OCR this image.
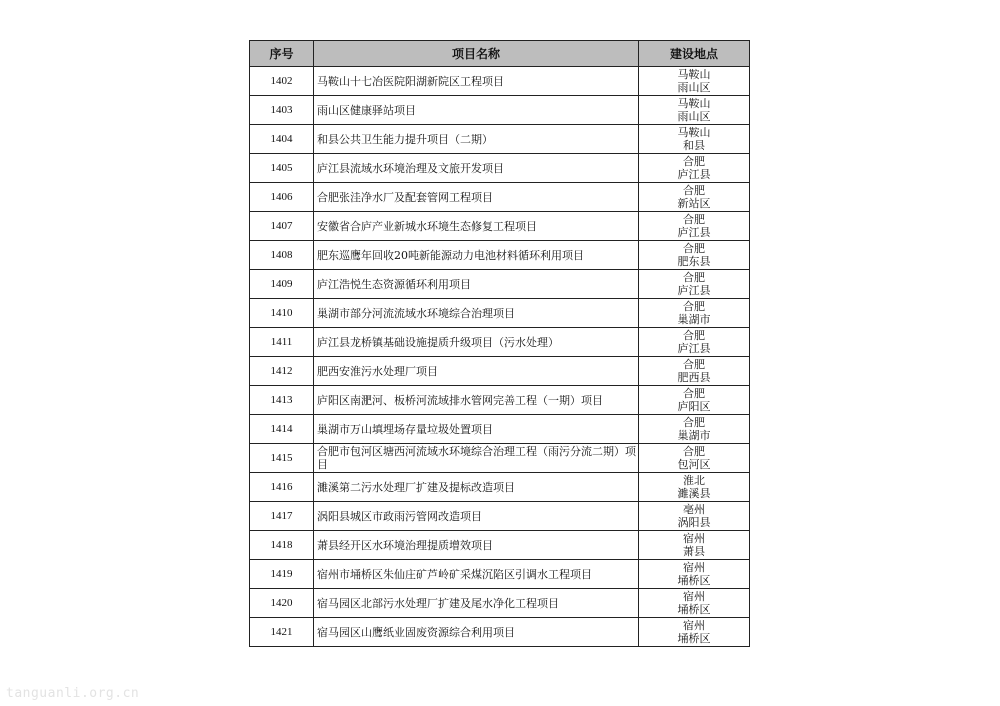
序号	项目名称	建设地点
1402	马鞍山十七冶医院阳湖新院区工程项目	马鞍山
雨山区

1403	雨山区健康驿站项目	马鞍山
雨山区

1404	和县公共卫生能力提升项目（二期）	马鞍山
和县

1405	庐江县流域水环境治理及文旅开发项目	合肥
庐江县

1406	合肥张洼净水厂及配套管网工程项目	合肥
新站区

1407	安徽省合庐产业新城水环境生态修复工程项目	合肥
庐江县

1408	肥东巡鹰年回收20吨新能源动力电池材料循环利用项目	合肥
肥东县

1409	庐江浩悦生态资源循环利用项目	合肥
庐江县

1410	巢湖市部分河流流域水环境综合治理项目	合肥
巢湖市

1411	庐江县龙桥镇基础设施提质升级项目（污水处理）	合肥
庐江县

1412	肥西安淮污水处理厂项目	合肥
肥西县

1413	庐阳区南淝河、板桥河流域排水管网完善工程（一期）项目	合肥
庐阳区

1414	巢湖市万山填埋场存量垃圾处置项目	合肥
巢湖市

1415	合肥市包河区塘西河流域水环境综合治理工程（雨污分流二期）项目	合肥
包河区

1416	濉溪第二污水处理厂扩建及提标改造项目	淮北
濉溪县

1417	涡阳县城区市政雨污管网改造项目	亳州
涡阳县

1418	萧县经开区水环境治理提质增效项目	宿州
萧县

1419	宿州市埇桥区朱仙庄矿芦岭矿采煤沉陷区引调水工程项目	宿州
埇桥区

1420	宿马园区北部污水处理厂扩建及尾水净化工程项目	宿州
埇桥区

1421	宿马园区山鹰纸业固废资源综合利用项目	宿州
埇桥区
tanguanli.org.cn
